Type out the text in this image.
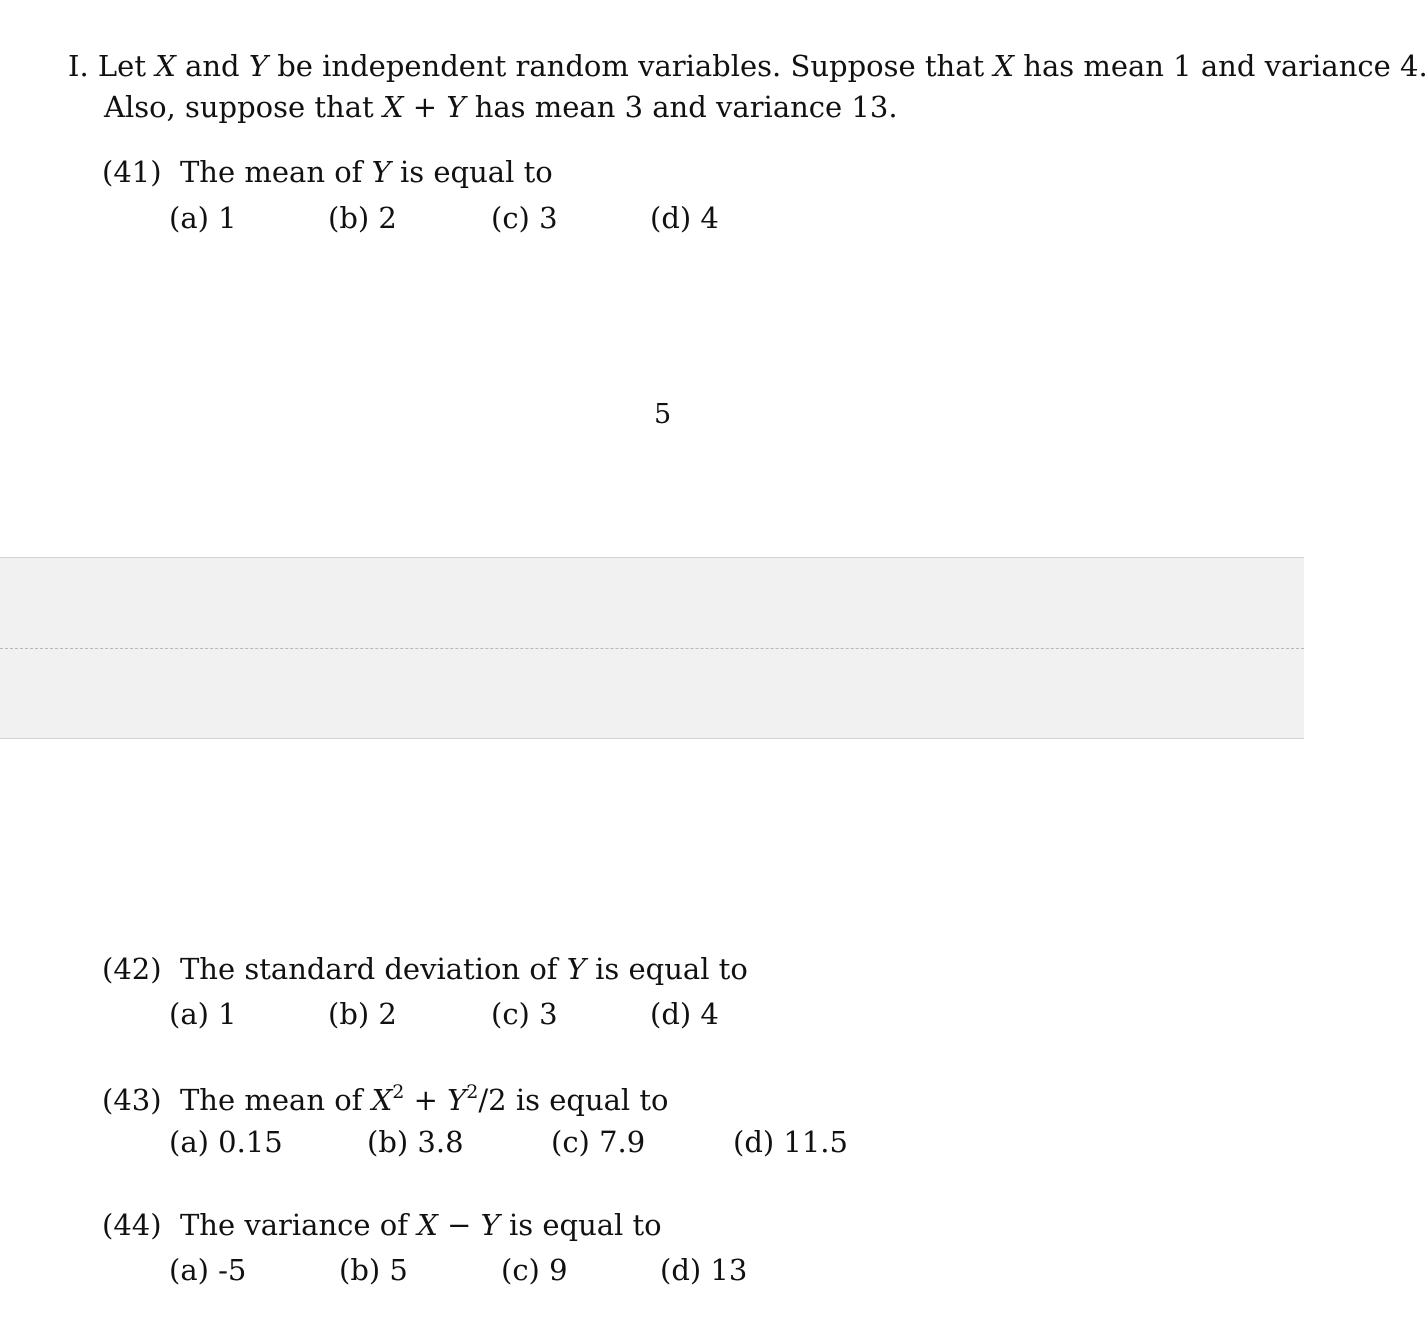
I. Let X and Y be independent random variables. Suppose that X has mean 1 and variance 4.
Also, suppose that X + Y has mean 3 and variance 13.
(41) The mean of Y is equal to
(a) 1	(b) 2	(c) 3	(d) 4
5
(42) The standard deviation of Y is equal to
(a) 1	(b) 2	(c) 3	(d) 4
(43) The mean of $X^2 + Y^2/2$ is equal to
(a) 0.15	(b) 3.8	(c) 7.9	(d) 11.5
(44) The variance of X − Y is equal to
(a) -5	(b) 5	(c) 9	(d) 13
